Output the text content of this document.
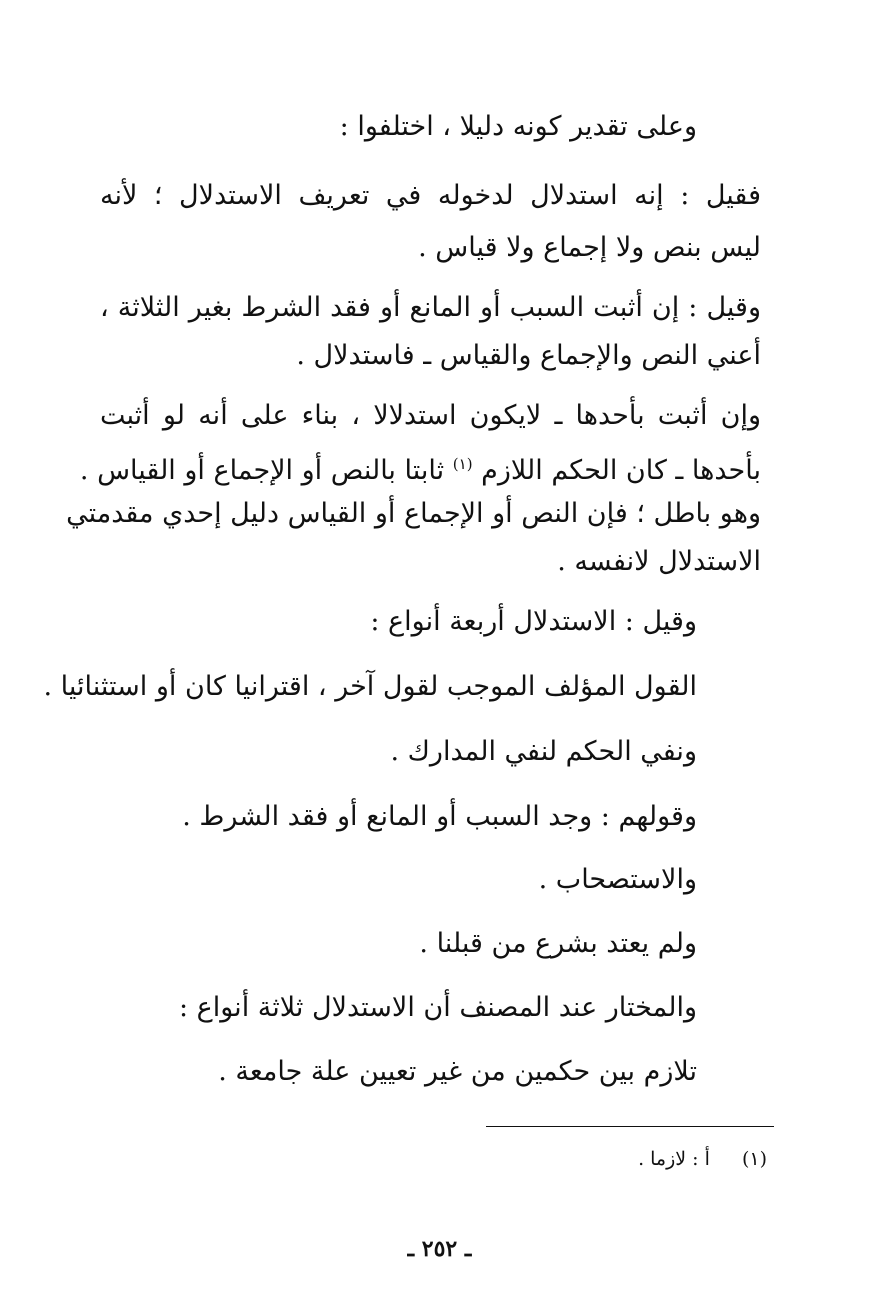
وعلى تقدير كونه دليلا ، اختلفوا :
فقيل : إنه استدلال لدخوله في تعريف الاستدلال ؛ لأنه
ليس بنص ولا إجماع ولا قياس .
وقيل : إن أثبت السبب أو المانع أو فقد الشرط بغير الثلاثة ،
أعني النص والإجماع والقياس ـ فاستدلال .
وإن أثبت بأحدها ـ لايكون استدلالا ، بناء على أنه لو أثبت
بأحدها ـ كان الحكم اللازم $^{(١)}$ ثابتا بالنص أو الإجماع أو القياس .
وهو باطل ؛ فإن النص أو الإجماع أو القياس دليل إحدي مقدمتي
الاستدلال لانفسه .
وقيل : الاستدلال أربعة أنواع :
القول المؤلف الموجب لقول آخر ، اقترانيا كان أو استثنائيا .
ونفي الحكم لنفي المدارك .
وقولهم : وجد السبب أو المانع أو فقد الشرط .
والاستصحاب .
ولم يعتد بشرع من قبلنا .
والمختار عند المصنف أن الاستدلال ثلاثة أنواع :
تلازم بين حكمين من غير تعيين علة جامعة .
(١) أ : لازما .
ـ ٢٥٢ ـ
